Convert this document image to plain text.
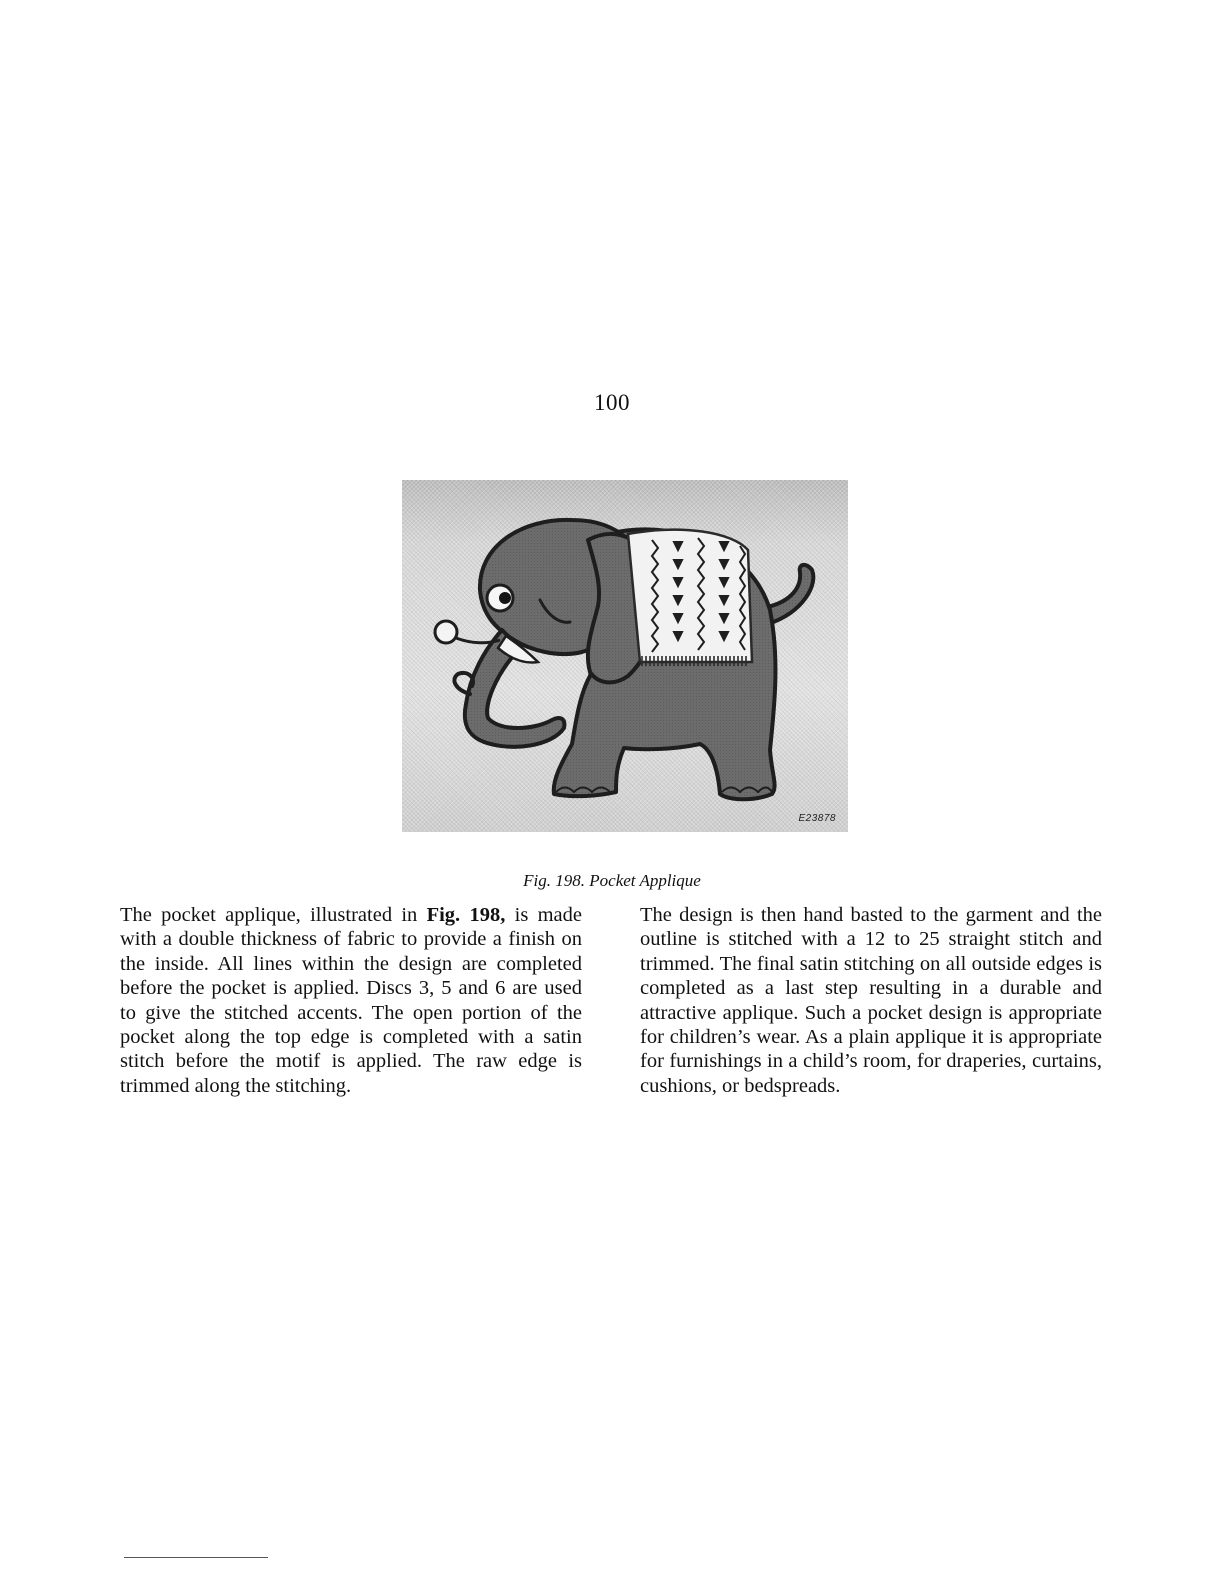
100
E23878
Fig. 198. Pocket Applique

The pocket applique, illustrated in Fig. 198, is made with a double thickness of fabric to provide a finish on the inside. All lines within the design are completed before the pocket is applied. Discs 3, 5 and 6 are used to give the stitched accents. The open portion of the pocket along the top edge is completed with a satin stitch before the motif is applied. The raw edge is trimmed along the stitching.

The design is then hand basted to the garment and the outline is stitched with a 12 to 25 straight stitch and trimmed. The final satin stitching on all outside edges is completed as a last step resulting in a durable and attractive applique. Such a pocket design is appropriate for children’s wear. As a plain applique it is appropriate for furnishings in a child’s room, for draperies, curtains, cushions, or bedspreads.
